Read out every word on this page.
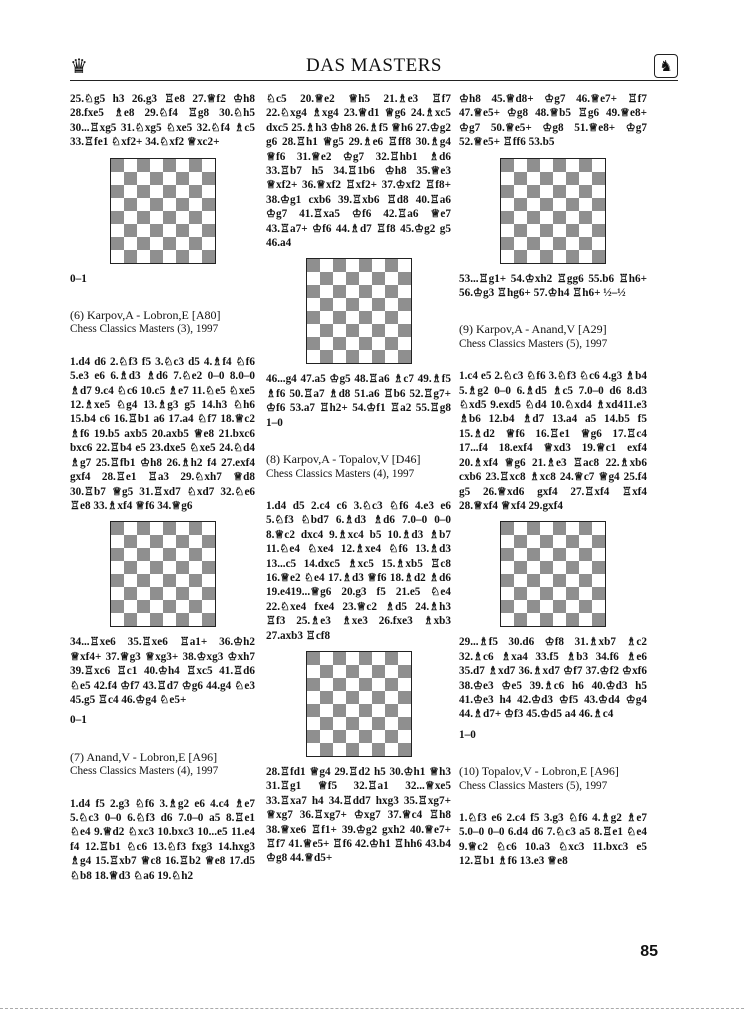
♛	DAS MASTERS	♞

25.♘g5 h3 26.g3 ♖e8 27.♕f2 ♔h8 28.fxe5 ♗e8 29.♘f4 ♖g8 30.♘h5 30...♖xg5 31.♘xg5 ♘xe5 32.♘f4 ♗c5 33.♖fe1 ♘xf2+ 34.♘xf2 ♕xc2+

0–1

(6) Karpov,A - Lobron,E [A80]

Chess Classics Masters (3), 1997

1.d4 d6 2.♘f3 f5 3.♘c3 d5 4.♗f4 ♘f6 5.e3 e6 6.♗d3 ♗d6 7.♘e2 0–0 8.0–0 ♗d7 9.c4 ♘c6 10.c5 ♗e7 11.♘e5 ♘xe5 12.♗xe5 ♘g4 13.♗g3 g5 14.h3 ♘h6 15.b4 c6 16.♖b1 a6 17.a4 ♘f7 18.♕c2 ♗f6 19.b5 axb5 20.axb5 ♕e8 21.bxc6 bxc6 22.♖b4 e5 23.dxe5 ♘xe5 24.♘d4 ♗g7 25.♖fb1 ♔h8 26.♗h2 f4 27.exf4 gxf4 28.♖e1 ♖a3 29.♘xh7 ♕d8 30.♖b7 ♕g5 31.♖xd7 ♘xd7 32.♘e6 ♖e8 33.♗xf4 ♕f6 34.♕g6

34...♖xe6 35.♖xe6 ♖a1+ 36.♔h2 ♕xf4+ 37.♕g3 ♕xg3+ 38.♔xg3 ♔xh7 39.♖xc6 ♖c1 40.♔h4 ♖xc5 41.♖d6 ♘e5 42.f4 ♔f7 43.♖d7 ♔g6 44.g4 ♘e3 45.g5 ♖c4 46.♔g4 ♘e5+

0–1

(7) Anand,V - Lobron,E [A96]

Chess Classics Masters (4), 1997

1.d4 f5 2.g3 ♘f6 3.♗g2 e6 4.c4 ♗e7 5.♘c3 0–0 6.♘f3 d6 7.0–0 a5 8.♖e1 ♘e4 9.♕d2 ♘xc3 10.bxc3 10...e5 11.e4 f4 12.♖b1 ♘c6 13.♘f3 fxg3 14.hxg3 ♗g4 15.♖xb7 ♕c8 16.♖b2 ♕e8 17.d5 ♘b8 18.♕d3 ♘a6 19.♘h2

♘c5 20.♕e2 ♕h5 21.♗e3 ♖f7 22.♘xg4 ♗xg4 23.♕d1 ♕g6 24.♗xc5 dxc5 25.♗h3 ♔h8 26.♗f5 ♕h6 27.♔g2 g6 28.♖h1 ♕g5 29.♗e6 ♖ff8 30.♗g4 ♕f6 31.♕e2 ♔g7 32.♖hb1 ♗d6 33.♖b7 h5 34.♖1b6 ♔h8 35.♕e3 ♕xf2+ 36.♕xf2 ♖xf2+ 37.♔xf2 ♖f8+ 38.♔g1 cxb6 39.♖xb6 ♖d8 40.♖a6 ♔g7 41.♖xa5 ♔f6 42.♖a6 ♕e7 43.♖a7+ ♔f6 44.♗d7 ♖f8 45.♔g2 g5 46.a4

46...g4 47.a5 ♔g5 48.♖a6 ♗c7 49.♗f5 ♗f6 50.♖a7 ♗d8 51.a6 ♖b6 52.♖g7+ ♔f6 53.a7 ♖h2+ 54.♔f1 ♖a2 55.♖g8 1–0

(8) Karpov,A - Topalov,V [D46]

Chess Classics Masters (4), 1997

1.d4 d5 2.c4 c6 3.♘c3 ♘f6 4.e3 e6 5.♘f3 ♘bd7 6.♗d3 ♗d6 7.0–0 0–0 8.♕c2 dxc4 9.♗xc4 b5 10.♗d3 ♗b7 11.♘e4 ♘xe4 12.♗xe4 ♘f6 13.♗d3 13...c5 14.dxc5 ♗xc5 15.♗xb5 ♖c8 16.♕e2 ♘e4 17.♗d3 ♕f6 18.♗d2 ♗d6 19.e419...♕g6 20.g3 f5 21.e5 ♘e4 22.♘xe4 fxe4 23.♕c2 ♗d5 24.♗h3 ♖f3 25.♗e3 ♗xe3 26.fxe3 ♗xb3 27.axb3 ♖cf8

28.♖fd1 ♕g4 29.♖d2 h5 30.♔h1 ♕h3 31.♖g1 ♕f5 32.♖a1 32...♕xe5 33.♖xa7 h4 34.♖dd7 hxg3 35.♖xg7+ ♕xg7 36.♖xg7+ ♔xg7 37.♕c4 ♖h8 38.♕xe6 ♖f1+ 39.♔g2 gxh2 40.♕e7+ ♖f7 41.♕e5+ ♖f6 42.♔h1 ♖hh6 43.b4 ♔g8 44.♕d5+

♔h8 45.♕d8+ ♔g7 46.♕e7+ ♖f7 47.♕e5+ ♔g8 48.♕b5 ♖g6 49.♕e8+ ♔g7 50.♕e5+ ♔g8 51.♕e8+ ♔g7 52.♕e5+ ♖ff6 53.b5

53...♖g1+ 54.♔xh2 ♖gg6 55.b6 ♖h6+ 56.♔g3 ♖hg6+ 57.♔h4 ♖h6+ ½–½

(9) Karpov,A - Anand,V [A29]

Chess Classics Masters (5), 1997

1.c4 e5 2.♘c3 ♘f6 3.♘f3 ♘c6 4.g3 ♗b4 5.♗g2 0–0 6.♗d5 ♗c5 7.0–0 d6 8.d3 ♘xd5 9.exd5 ♘d4 10.♘xd4 ♗xd411.e3 ♗b6 12.b4 ♗d7 13.a4 a5 14.b5 f5 15.♗d2 ♕f6 16.♖e1 ♕g6 17.♖c4 17...f4 18.exf4 ♕xd3 19.♕c1 exf4 20.♗xf4 ♕g6 21.♗e3 ♖ac8 22.♗xb6 cxb6 23.♖xc8 ♗xc8 24.♕c7 ♕g4 25.f4 g5 26.♕xd6 gxf4 27.♖xf4 ♖xf4 28.♕xf4 ♕xf4 29.gxf4

29...♗f5 30.d6 ♔f8 31.♗xb7 ♗c2 32.♗c6 ♗xa4 33.f5 ♗b3 34.f6 ♗e6 35.d7 ♗xd7 36.♗xd7 ♔f7 37.♔f2 ♔xf6 38.♔e3 ♔e5 39.♗c6 h6 40.♔d3 h5 41.♔e3 h4 42.♔d3 ♔f5 43.♔d4 ♔g4 44.♗d7+ ♔f3 45.♔d5 a4 46.♗c4

1–0

(10) Topalov,V - Lobron,E [A96]

Chess Classics Masters (5), 1997

1.♘f3 e6 2.c4 f5 3.g3 ♘f6 4.♗g2 ♗e7 5.0–0 0–0 6.d4 d6 7.♘c3 a5 8.♖e1 ♘e4 9.♕c2 ♘c6 10.a3 ♘xc3 11.bxc3 e5 12.♖b1 ♗f6 13.e3 ♕e8

85
